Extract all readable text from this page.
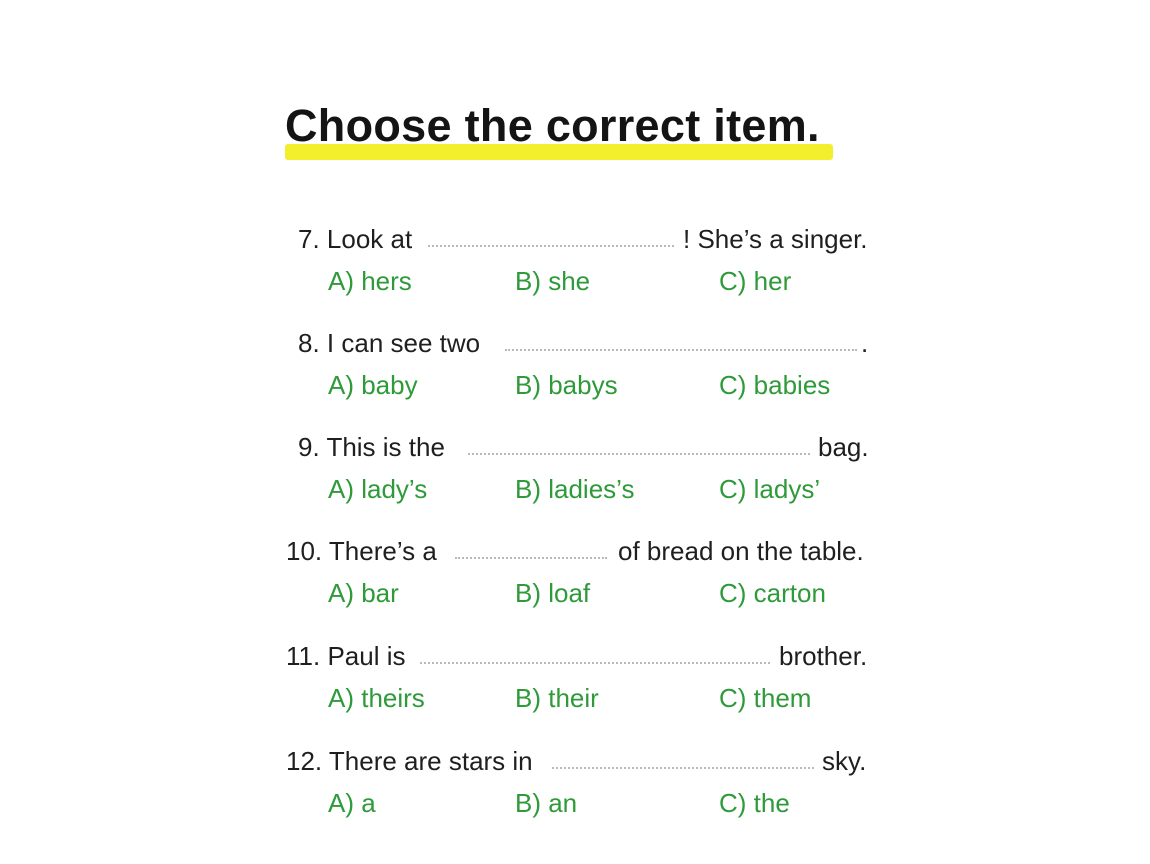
Choose the correct item.
7. Look at	! She’s a singer.
A) hers	B) she	C) her
8. I can see two	.
A) baby	B) babys	C) babies
9. This is the	bag.
A) lady’s	B) ladies’s	C) ladys’
10. There’s a	of bread on the table.
A) bar	B) loaf	C) carton
11. Paul is	brother.
A) theirs	B) their	C) them
12. There are stars in	sky.
A) a	B) an	C) the
